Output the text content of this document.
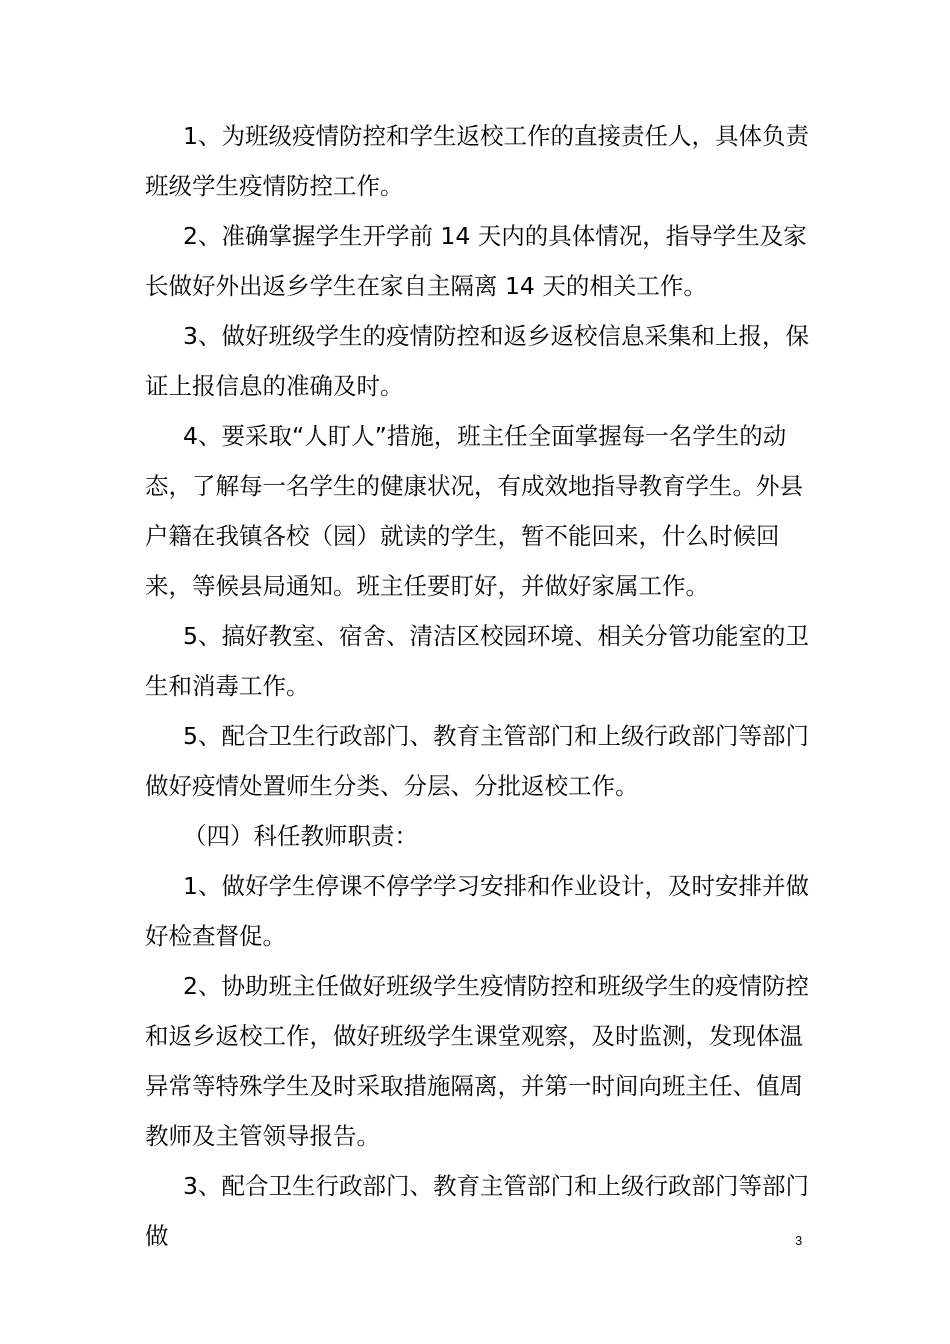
1、为班级疫情防控和学生返校工作的直接责任人，具体负责班级学生疫情防控工作。

2、准确掌握学生开学前 14 天内的具体情况，指导学生及家长做好外出返乡学生在家自主隔离 14 天的相关工作。

3、做好班级学生的疫情防控和返乡返校信息采集和上报，保证上报信息的准确及时。

4、要采取“人盯人”措施，班主任全面掌握每一名学生的动态，了解每一名学生的健康状况，有成效地指导教育学生。外县户籍在我镇各校（园）就读的学生，暂不能回来，什么时候回来，等候县局通知。班主任要盯好，并做好家属工作。

5、搞好教室、宿舍、清洁区校园环境、相关分管功能室的卫生和消毒工作。

5、配合卫生行政部门、教育主管部门和上级行政部门等部门做好疫情处置师生分类、分层、分批返校工作。

（四）科任教师职责：

1、做好学生停课不停学学习安排和作业设计，及时安排并做好检查督促。

2、协助班主任做好班级学生疫情防控和班级学生的疫情防控和返乡返校工作，做好班级学生课堂观察，及时监测，发现体温异常等特殊学生及时采取措施隔离，并第一时间向班主任、值周教师及主管领导报告。

3、配合卫生行政部门、教育主管部门和上级行政部门等部门做	3
